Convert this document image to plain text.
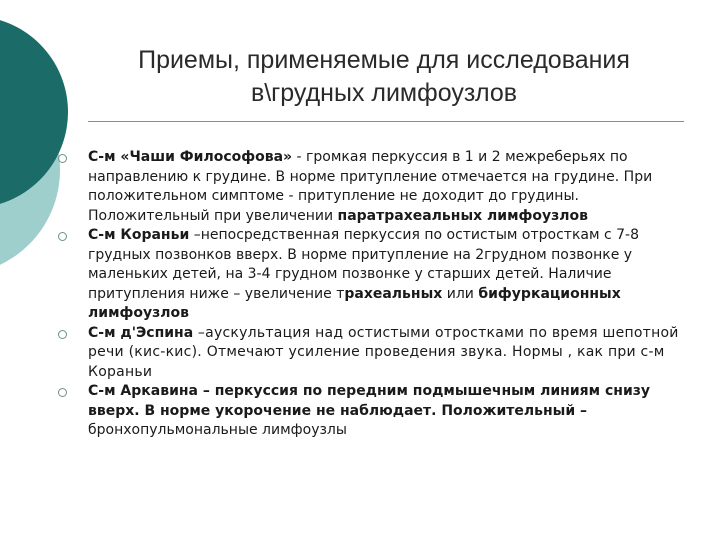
Приемы, применяемые для исследования
в\грудных лимфоузлов
С-м «Чаши Философова» - громкая перкуссия в 1 и 2 межреберьях по направлению к грудине. В норме притупление отмечается на грудине. При положительном симптоме - притупление не доходит до грудины. Положительный при увеличении паратрахеальных лимфоузлов
С-м Кораньи –непосредственная перкуссия по остистым отросткам с 7-8 грудных позвонков вверх. В норме притупление на 2грудном позвонке у маленьких детей, на 3-4 грудном позвонке у старших детей. Наличие притупления ниже – увеличение трахеальных или бифуркационных лимфоузлов
С-м д'Эспина –аускультация над остистыми отростками по время шепотной речи (кис-кис). Отмечают усиление проведения звука. Нормы , как при с-м Кораньи
С-м Аркавина – перкуссия по передним подмышечным линиям снизу вверх. В норме укорочение не наблюдает. Положительный – бронхопульмональные лимфоузлы
